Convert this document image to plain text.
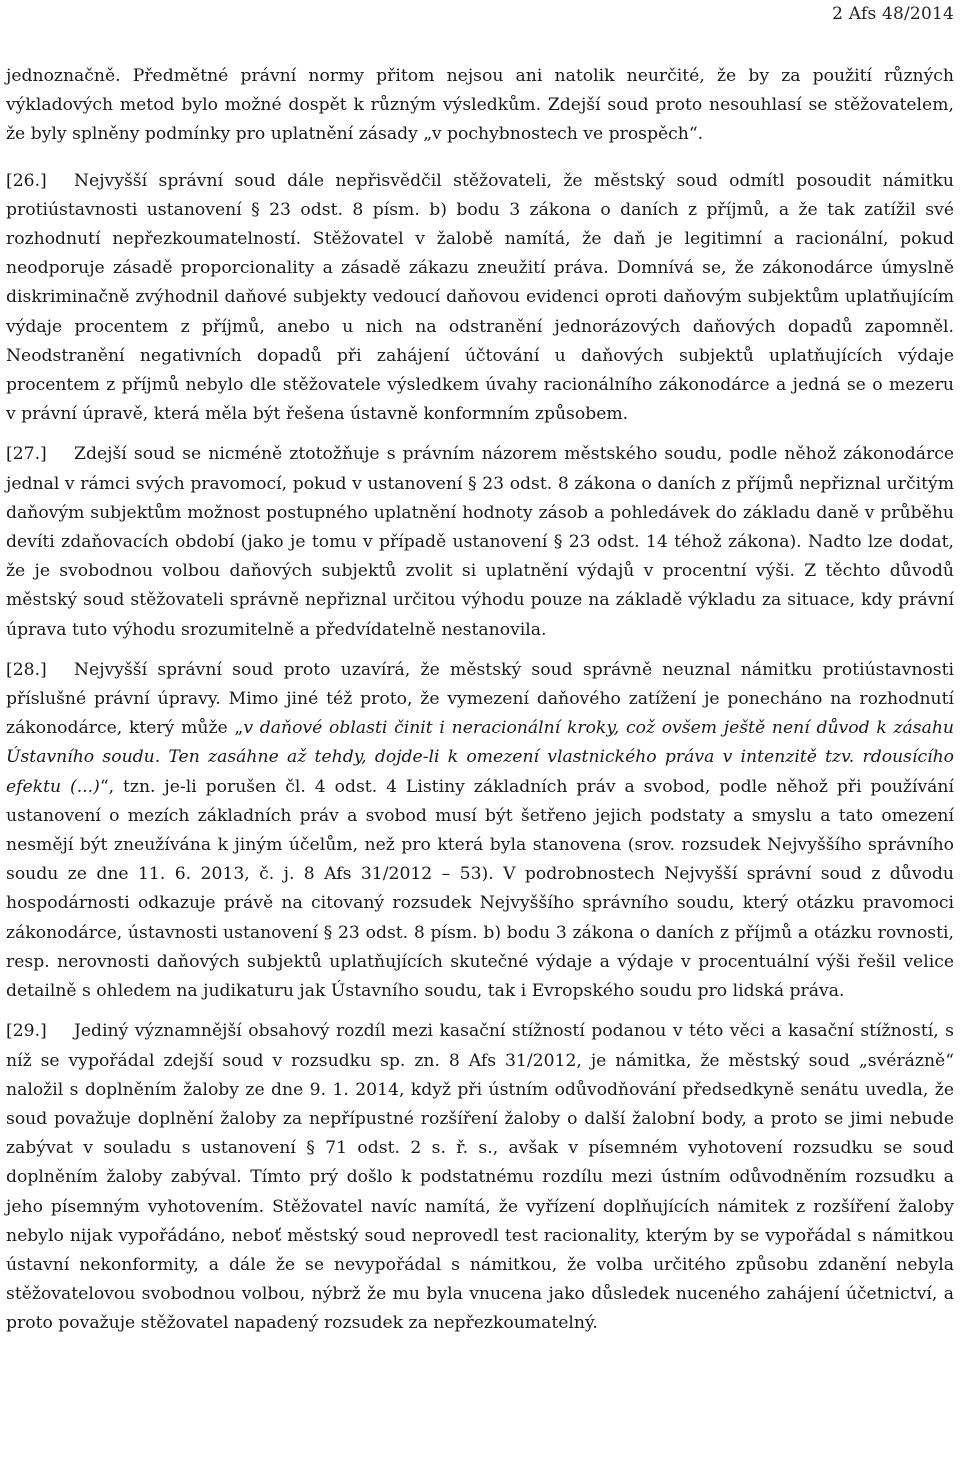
2 Afs 48/2014

jednoznačně. Předmětné právní normy přitom nejsou ani natolik neurčité, že by za použití různých výkladových metod bylo možné dospět k různým výsledkům. Zdejší soud proto nesouhlasí se stěžovatelem, že byly splněny podmínky pro uplatnění zásady „v pochybnostech ve prospěch“.

[26.] Nejvyšší správní soud dále nepřisvědčil stěžovateli, že městský soud odmítl posoudit námitku protiústavnosti ustanovení § 23 odst. 8 písm. b) bodu 3 zákona o daních z příjmů, a že tak zatížil své rozhodnutí nepřezkoumatelností. Stěžovatel v žalobě namítá, že daň je legitimní a racionální, pokud neodporuje zásadě proporcionality a zásadě zákazu zneužití práva. Domnívá se, že zákonodárce úmyslně diskriminačně zvýhodnil daňové subjekty vedoucí daňovou evidenci oproti daňovým subjektům uplatňujícím výdaje procentem z příjmů, anebo u nich na odstranění jednorázových daňových dopadů zapomněl. Neodstranění negativních dopadů při zahájení účtování u daňových subjektů uplatňujících výdaje procentem z příjmů nebylo dle stěžovatele výsledkem úvahy racionálního zákonodárce a jedná se o mezeru v právní úpravě, která měla být řešena ústavně konformním způsobem.

[27.] Zdejší soud se nicméně ztotožňuje s právním názorem městského soudu, podle něhož zákonodárce jednal v rámci svých pravomocí, pokud v ustanovení § 23 odst. 8 zákona o daních z příjmů nepřiznal určitým daňovým subjektům možnost postupného uplatnění hodnoty zásob a pohledávek do základu daně v průběhu devíti zdaňovacích období (jako je tomu v případě ustanovení § 23 odst. 14 téhož zákona). Nadto lze dodat, že je svobodnou volbou daňových subjektů zvolit si uplatnění výdajů v procentní výši. Z těchto důvodů městský soud stěžovateli správně nepřiznal určitou výhodu pouze na základě výkladu za situace, kdy právní úprava tuto výhodu srozumitelně a předvídatelně nestanovila.

[28.] Nejvyšší správní soud proto uzavírá, že městský soud správně neuznal námitku protiústavnosti příslušné právní úpravy. Mimo jiné též proto, že vymezení daňového zatížení je ponecháno na rozhodnutí zákonodárce, který může „v daňové oblasti činit i neracionální kroky, což ovšem ještě není důvod k zásahu Ústavního soudu. Ten zasáhne až tehdy, dojde-li k omezení vlastnického práva v intenzitě tzv. rdousícího efektu (...)“, tzn. je-li porušen čl. 4 odst. 4 Listiny základních práv a svobod, podle něhož při používání ustanovení o mezích základních práv a svobod musí být šetřeno jejich podstaty a smyslu a tato omezení nesmějí být zneužívána k jiným účelům, než pro která byla stanovena (srov. rozsudek Nejvyššího správního soudu ze dne 11. 6. 2013, č. j. 8 Afs 31/2012 – 53). V podrobnostech Nejvyšší správní soud z důvodu hospodárnosti odkazuje právě na citovaný rozsudek Nejvyššího správního soudu, který otázku pravomoci zákonodárce, ústavnosti ustanovení § 23 odst. 8 písm. b) bodu 3 zákona o daních z příjmů a otázku rovnosti, resp. nerovnosti daňových subjektů uplatňujících skutečné výdaje a výdaje v procentuální výši řešil velice detailně s ohledem na judikaturu jak Ústavního soudu, tak i Evropského soudu pro lidská práva.

[29.] Jediný významnější obsahový rozdíl mezi kasační stížností podanou v této věci a kasační stížností, s níž se vypořádal zdejší soud v rozsudku sp. zn. 8 Afs 31/2012, je námitka, že městský soud „svérázně“ naložil s doplněním žaloby ze dne 9. 1. 2014, když při ústním odůvodňování předsedkyně senátu uvedla, že soud považuje doplnění žaloby za nepřípustné rozšíření žaloby o další žalobní body, a proto se jimi nebude zabývat v souladu s ustanovení § 71 odst. 2 s. ř. s., avšak v písemném vyhotovení rozsudku se soud doplněním žaloby zabýval. Tímto prý došlo k podstatnému rozdílu mezi ústním odůvodněním rozsudku a jeho písemným vyhotovením. Stěžovatel navíc namítá, že vyřízení doplňujících námitek z rozšíření žaloby nebylo nijak vypořádáno, neboť městský soud neprovedl test racionality, kterým by se vypořádal s námitkou ústavní nekonformity, a dále že se nevypořádal s námitkou, že volba určitého způsobu zdanění nebyla stěžovatelovou svobodnou volbou, nýbrž že mu byla vnucena jako důsledek nuceného zahájení účetnictví, a proto považuje stěžovatel napadený rozsudek za nepřezkoumatelný.
